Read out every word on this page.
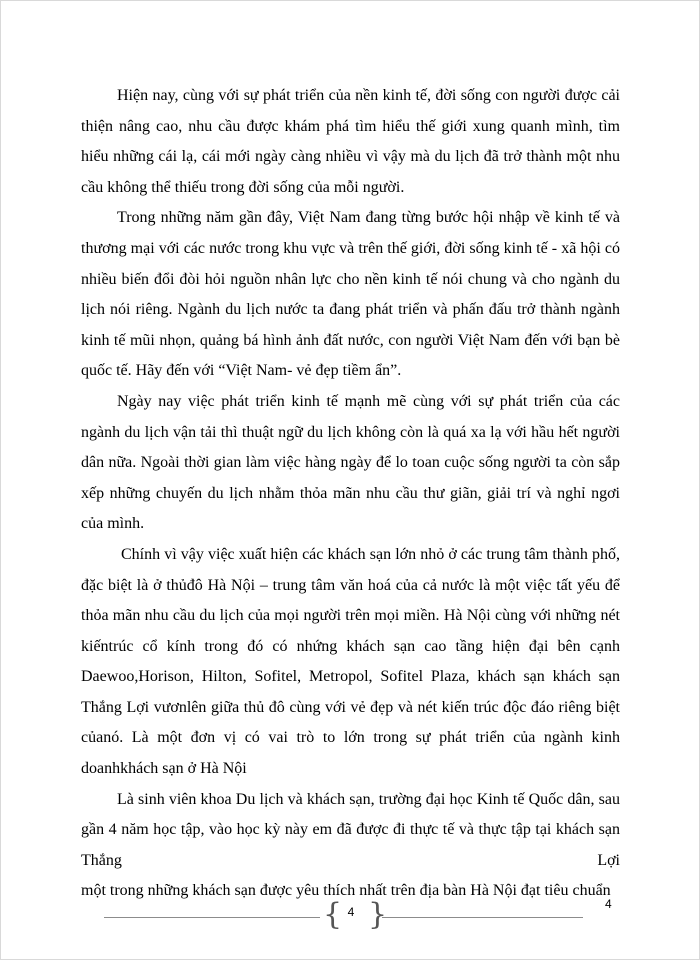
Hiện nay, cùng với sự phát triển của nền kinh tế, đời sống con người được cải thiện nâng cao, nhu cầu được khám phá tìm hiểu thế giới xung quanh mình, tìm hiểu những cái lạ, cái mới ngày càng nhiều vì vậy mà du lịch đã trở thành một nhu cầu không thể thiếu trong đời sống của mỗi người.

Trong những năm gần đây, Việt Nam đang từng bước hội nhập về kinh tế và thương mại với các nước trong khu vực và trên thế giới, đời sống kinh tế - xã hội có nhiều biến đổi đòi hỏi nguồn nhân lực cho nền kinh tế nói chung và cho ngành du lịch nói riêng. Ngành du lịch nước ta đang phát triển và phấn đấu trở thành ngành kinh tế mũi nhọn, quảng bá hình ảnh đất nước, con người Việt Nam đến với bạn bè quốc tế. Hãy đến với “Việt Nam- vẻ đẹp tiềm ẩn”.

Ngày nay việc phát triển kinh tế mạnh mẽ cùng với sự phát triển của các ngành du lịch vận tải thì thuật ngữ du lịch không còn là quá xa lạ với hầu hết người dân nữa. Ngoài thời gian làm việc hàng ngày để lo toan cuộc sống người ta còn sắp xếp những chuyến du lịch nhằm thỏa mãn nhu cầu thư giãn, giải trí và nghỉ ngơi của mình.

Chính vì vậy việc xuất hiện các khách sạn lớn nhỏ ở các trung tâm thành phố, đặc biệt là ở thủđô Hà Nội – trung tâm văn hoá của cả nước là một việc tất yếu để thỏa mãn nhu cầu du lịch của mọi người trên mọi miền. Hà Nội cùng với những nét kiếntrúc cổ kính trong đó có nhứng khách sạn cao tầng hiện đại bên cạnh Daewoo,Horison, Hilton, Sofitel, Metropol, Sofitel Plaza, khách sạn khách sạn Thắng Lợi vươnlên giữa thủ đô cùng với vẻ đẹp và nét kiến trúc độc đáo riêng biệt củanó. Là một đơn vị có vai trò to lớn trong sự phát triển của ngành kinh doanhkhách sạn ở Hà Nội

Là sinh viên khoa Du lịch và khách sạn, trường đại học Kinh tế Quốc dân, sau gần 4 năm học tập, vào học kỳ này em đã được đi thực tế và thực tập tại khách sạn Thắng Lợi

một trong những khách sạn được yêu thích nhất trên địa bàn Hà Nội đạt tiêu chuẩn

{ 4 }	4
